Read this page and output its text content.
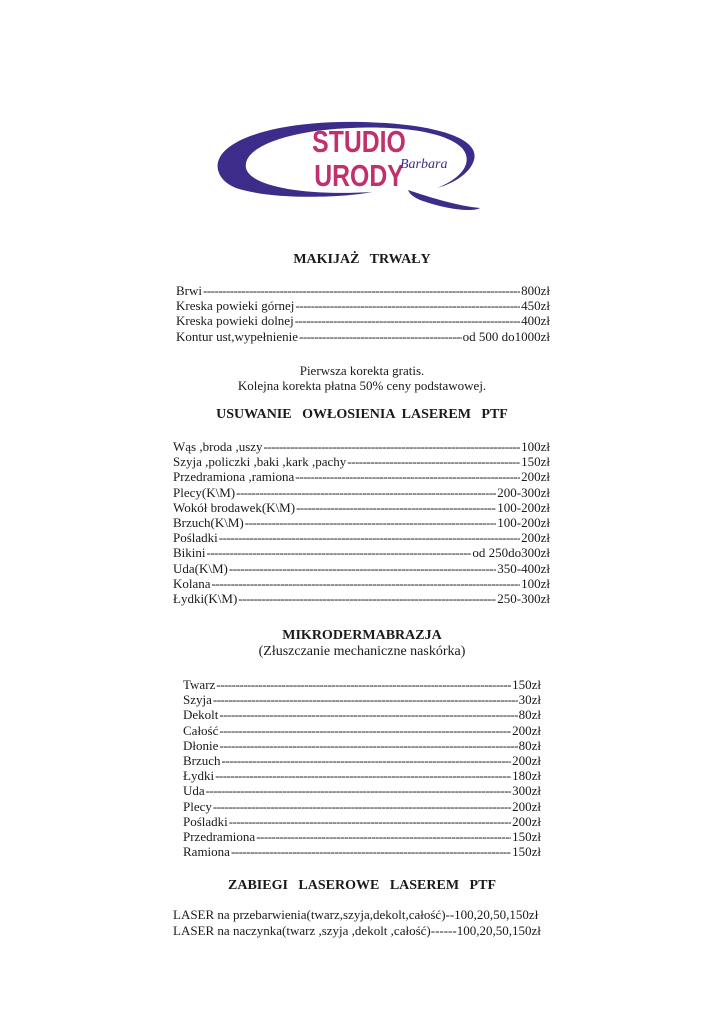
STUDIO URODY
Barbara
MAKIJAŻ   TRWAŁY
Brwi -----	800zł
Kreska powieki górnej -----	450zł
Kreska powieki dolnej -----	400zł
Kontur ust,wypełnienie -----	od 500 do1000zł
Pierwsza korekta gratis.
Kolejna korekta płatna 50% ceny podstawowej.
USUWANIE   OWŁOSIENIA  LASEREM   PTF
Wąs ,broda ,uszy -----	100zł
Szyja ,policzki ,baki ,kark ,pachy -----	150zł
Przedramiona ,ramiona -----	200zł
Plecy(K\M) -----	200-300zł
Wokół brodawek(K\M) -----	100-200zł
Brzuch(K\M) -----	100-200zł
Pośladki -----	200zł
Bikini -----	od 250do300zł
Uda(K\M) -----	350-400zł
Kolana -----	100zł
Łydki(K\M) -----	250-300zł
MIKRODERMABRAZJA
(Złuszczanie mechaniczne naskórka)
Twarz -----	150zł
Szyja -----	30zł
Dekolt -----	80zł
Całość -----	200zł
Dłonie -----	80zł
Brzuch -----	200zł
Łydki -----	180zł
Uda -----	300zł
Plecy -----	200zł
Pośladki -----	200zł
Przedramiona -----	150zł
Ramiona -----	150zł
ZABIEGI   LASEROWE   LASEREM   PTF
LASER na przebarwienia(twarz,szyja,dekolt,całość)--100,20,50,150zł
LASER na naczynka(twarz ,szyja ,dekolt ,całość)------100,20,50,150zł
